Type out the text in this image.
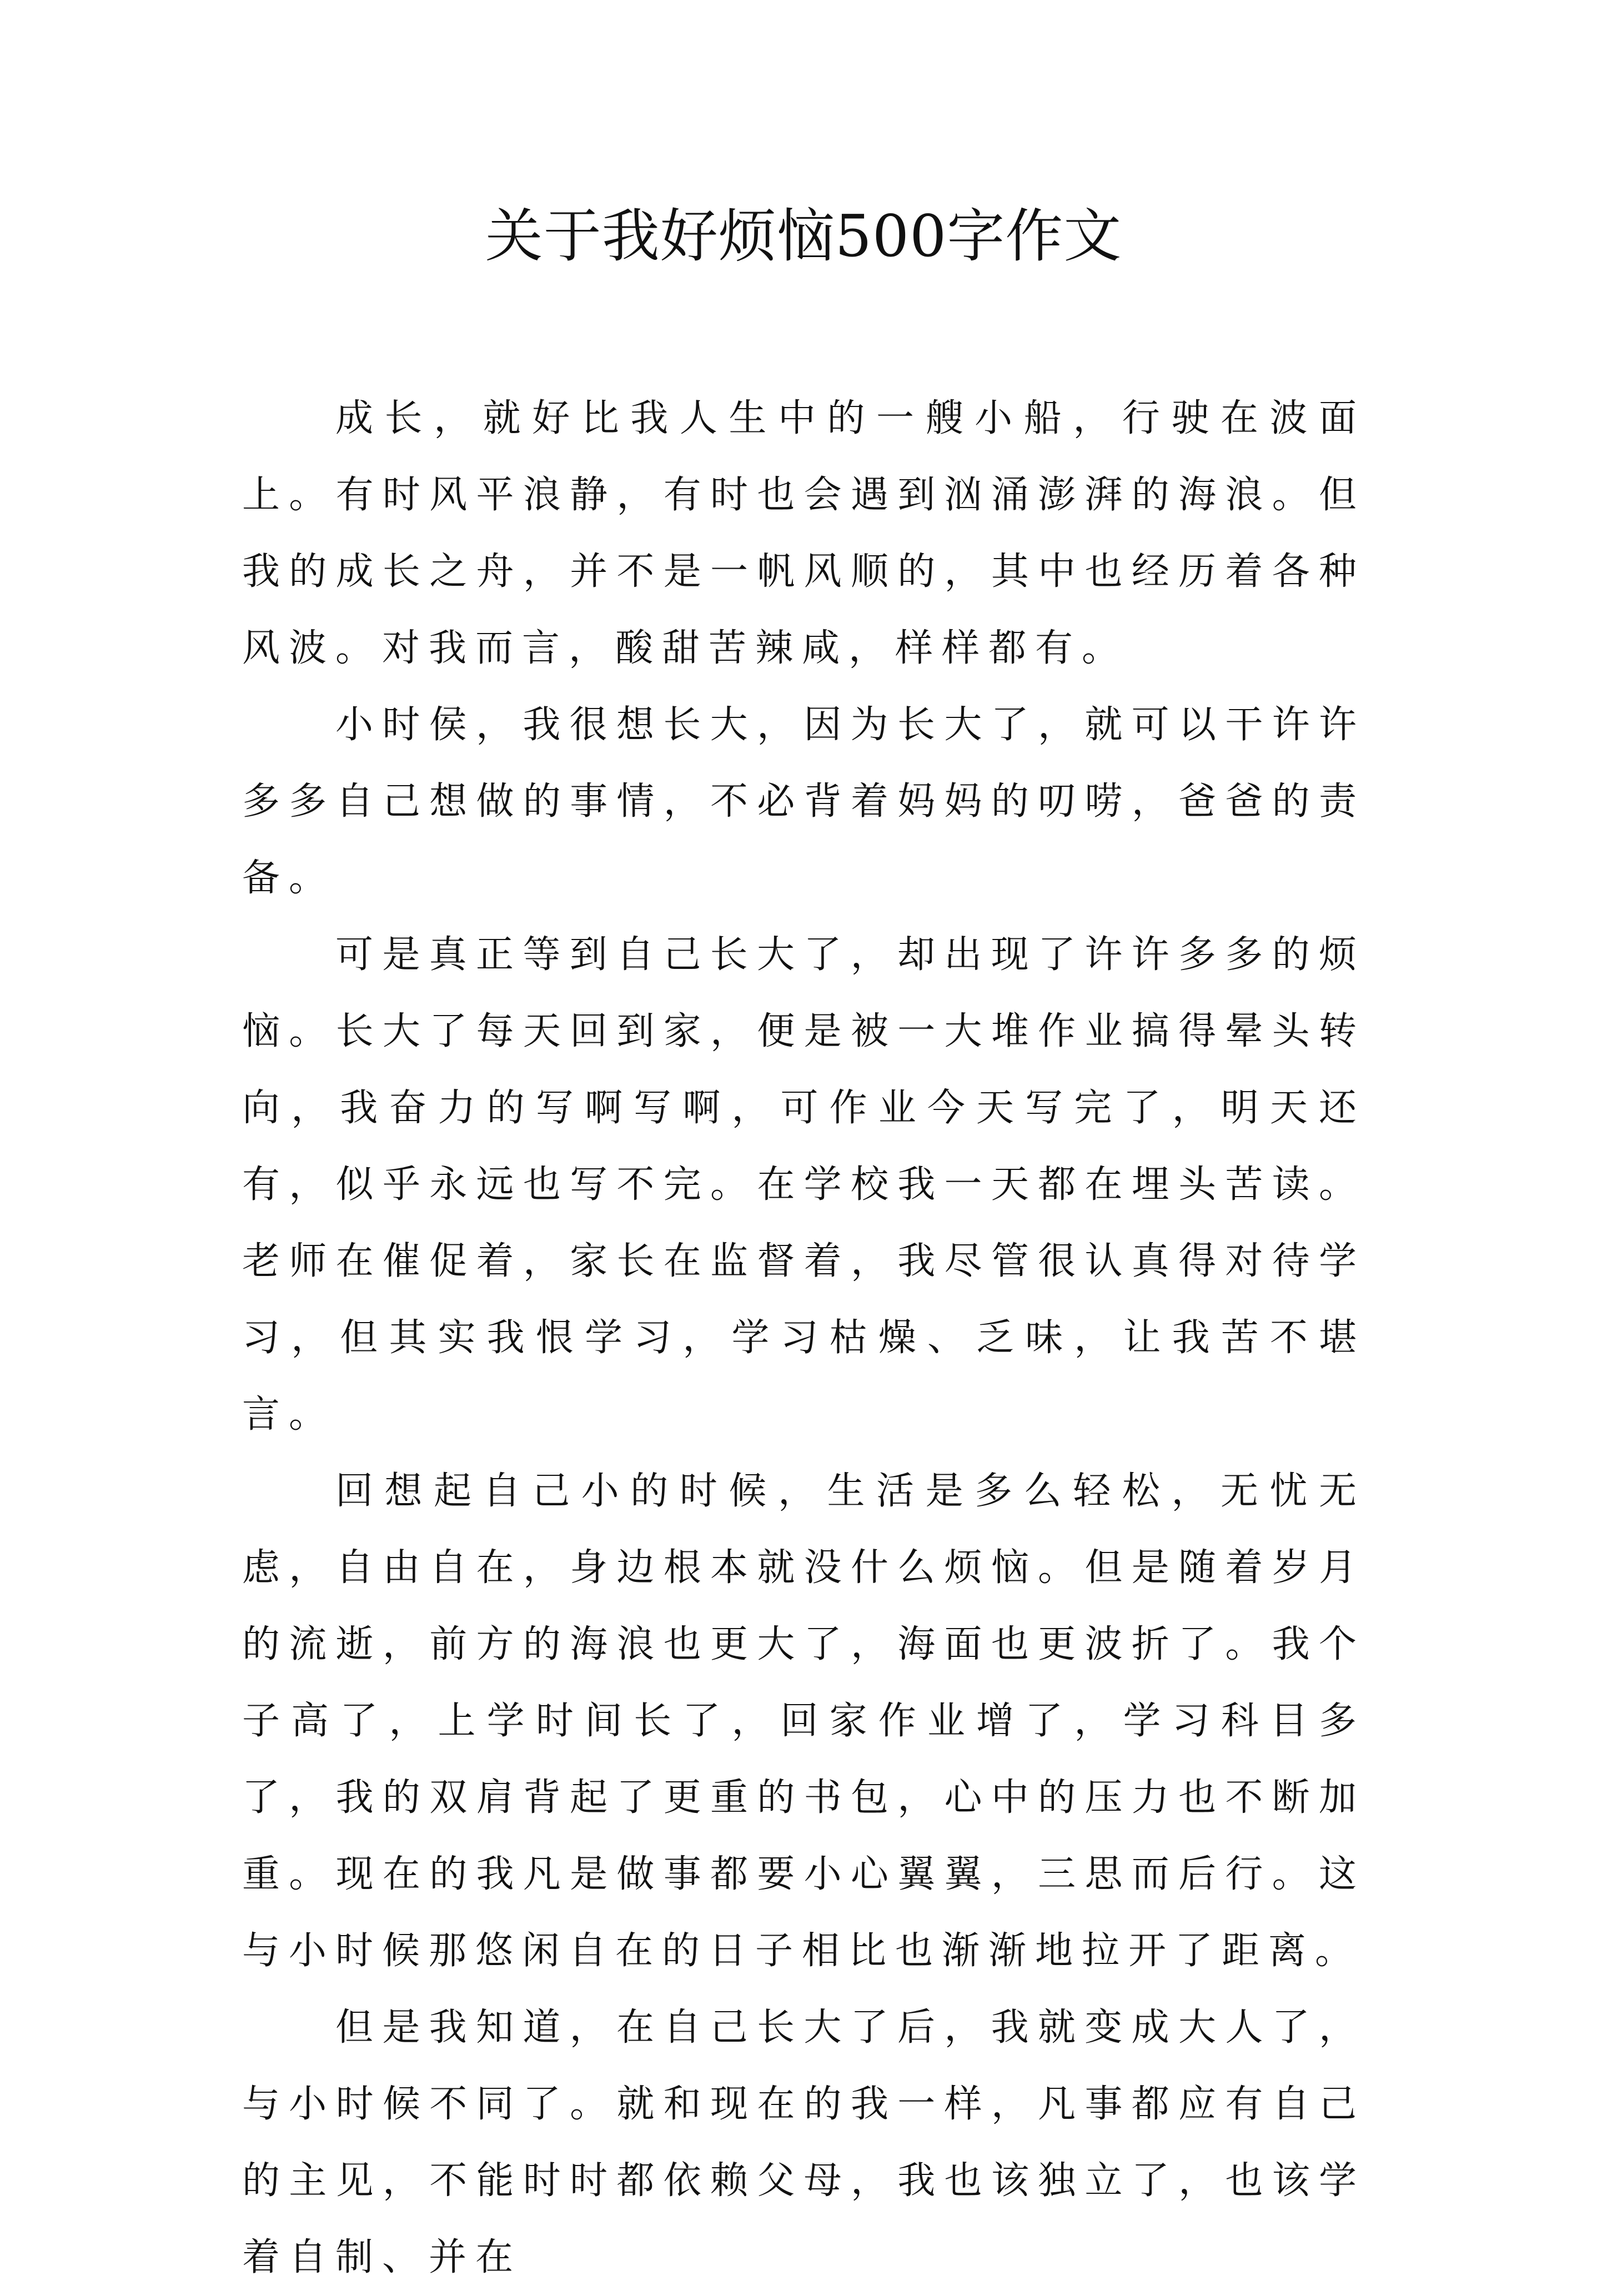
关于我好烦恼500字作文

成长，就好比我人生中的一艘小船，行驶在波面上。有时风平浪静，有时也会遇到汹涌澎湃的海浪。但我的成长之舟，并不是一帆风顺的，其中也经历着各种风波。对我而言，酸甜苦辣咸，样样都有。

小时侯，我很想长大，因为长大了，就可以干许许多多自己想做的事情，不必背着妈妈的叨唠，爸爸的责备。

可是真正等到自己长大了，却出现了许许多多的烦恼。长大了每天回到家，便是被一大堆作业搞得晕头转向，我奋力的写啊写啊，可作业今天写完了，明天还有，似乎永远也写不完。在学校我一天都在埋头苦读。老师在催促着，家长在监督着，我尽管很认真得对待学习，但其实我恨学习，学习枯燥、乏味，让我苦不堪言。

回想起自己小的时候，生活是多么轻松，无忧无虑，自由自在，身边根本就没什么烦恼。但是随着岁月的流逝，前方的海浪也更大了，海面也更波折了。我个子高了，上学时间长了，回家作业增了，学习科目多了，我的双肩背起了更重的书包，心中的压力也不断加重。现在的我凡是做事都要小心翼翼，三思而后行。这与小时候那悠闲自在的日子相比也渐渐地拉开了距离。

但是我知道，在自己长大了后，我就变成大人了，与小时候不同了。就和现在的我一样，凡事都应有自己的主见，不能时时都依赖父母，我也该独立了，也该学着自制、并在
